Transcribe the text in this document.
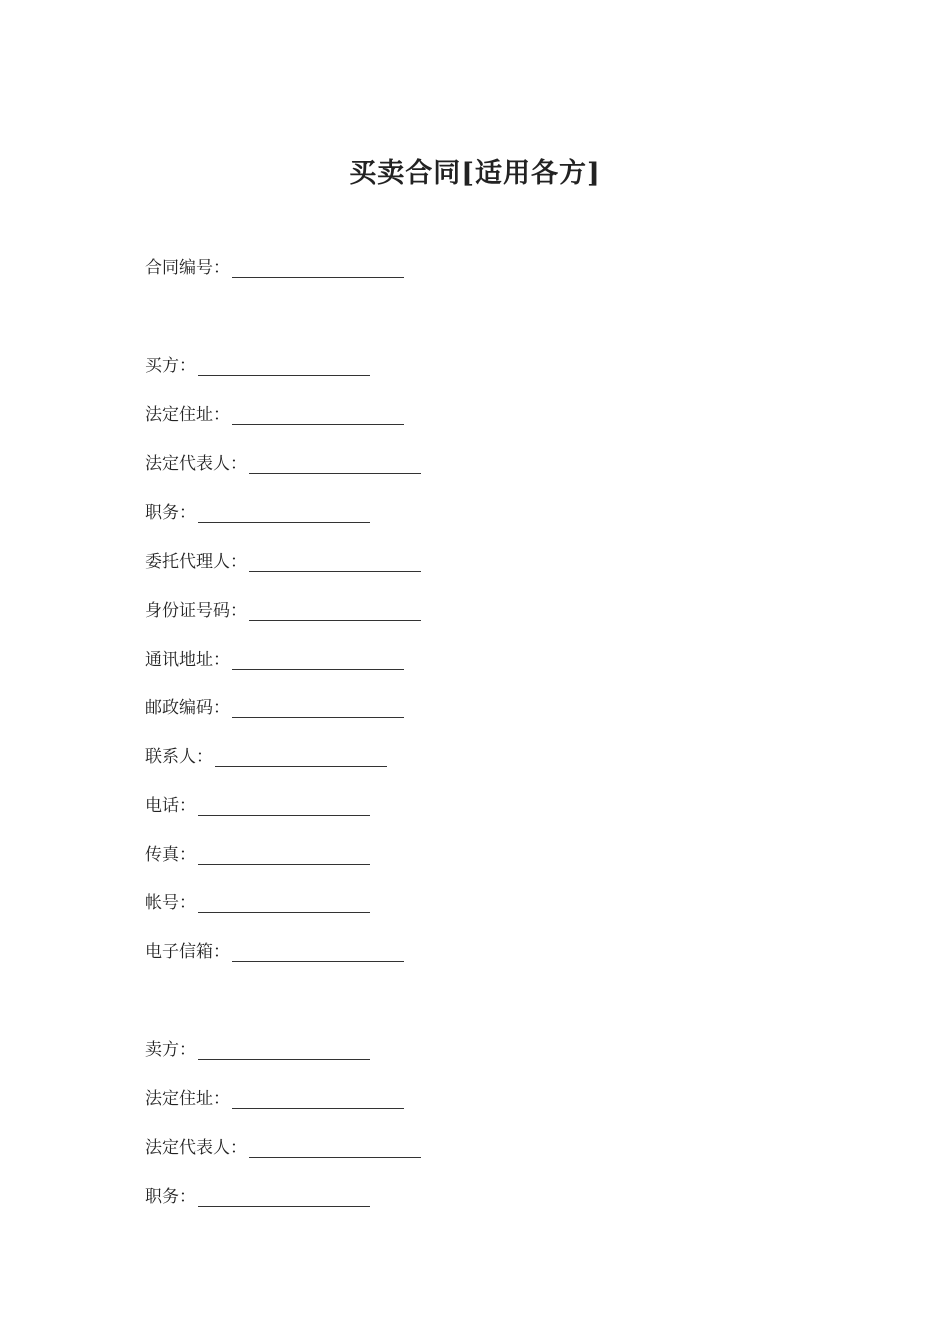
买卖合同[适用各方]
合同编号：
买方：
法定住址：
法定代表人：
职务：
委托代理人：
身份证号码：
通讯地址：
邮政编码：
联系人：
电话：
传真：
帐号：
电子信箱：
卖方：
法定住址：
法定代表人：
职务：
